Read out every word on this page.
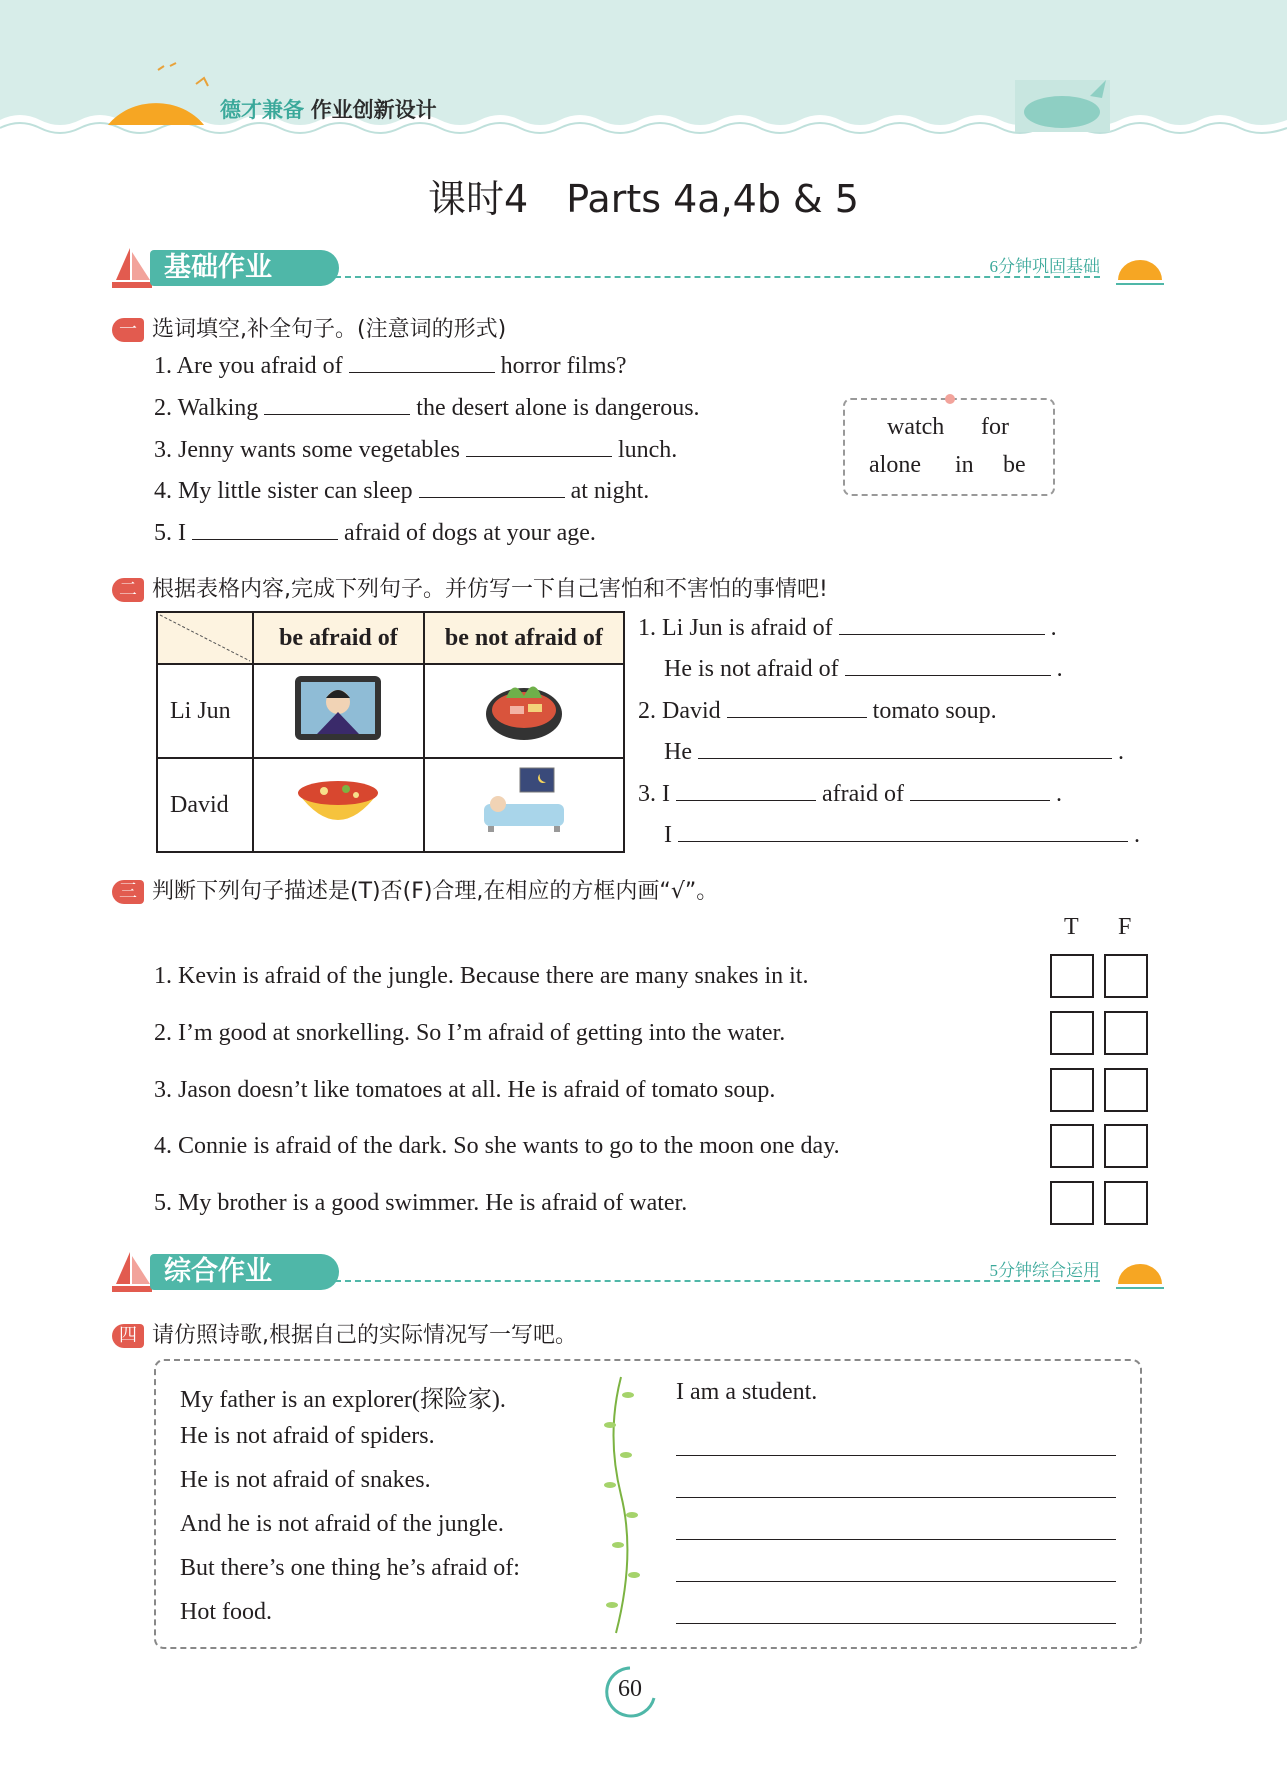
德才兼备 作业创新设计
课时4　Parts 4a,4b & 5
基础作业	6分钟巩固基础
一 选词填空,补全句子。(注意词的形式)
1. Are you afraid of	horror films?
2. Walking	the desert alone is dangerous.
3. Jenny wants some vegetables	lunch.
4. My little sister can sleep	at night.
5. I	afraid of dogs at your age.
watch for
alone in be
二 根据表格内容,完成下列句子。并仿写一下自己害怕和不害怕的事情吧!
	be afraid of	be not afraid of
Li Jun		
David		
1. Li Jun is afraid of	.
He is not afraid of	.
2. David	tomato soup.
He	.
3. I	afraid of	.
I	.
三 判断下列句子描述是(T)否(F)合理,在相应的方框内画“√”。
T F
1. Kevin is afraid of the jungle. Because there are many snakes in it.
2. I’m good at snorkelling. So I’m afraid of getting into the water.
3. Jason doesn’t like tomatoes at all. He is afraid of tomato soup.
4. Connie is afraid of the dark. So she wants to go to the moon one day.
5. My brother is a good swimmer. He is afraid of water.
综合作业	5分钟综合运用
四 请仿照诗歌,根据自己的实际情况写一写吧。
My father is an explorer(探险家).
He is not afraid of spiders.
He is not afraid of snakes.
And he is not afraid of the jungle.
But there’s one thing he’s afraid of:
Hot food.
I am a student.
60
